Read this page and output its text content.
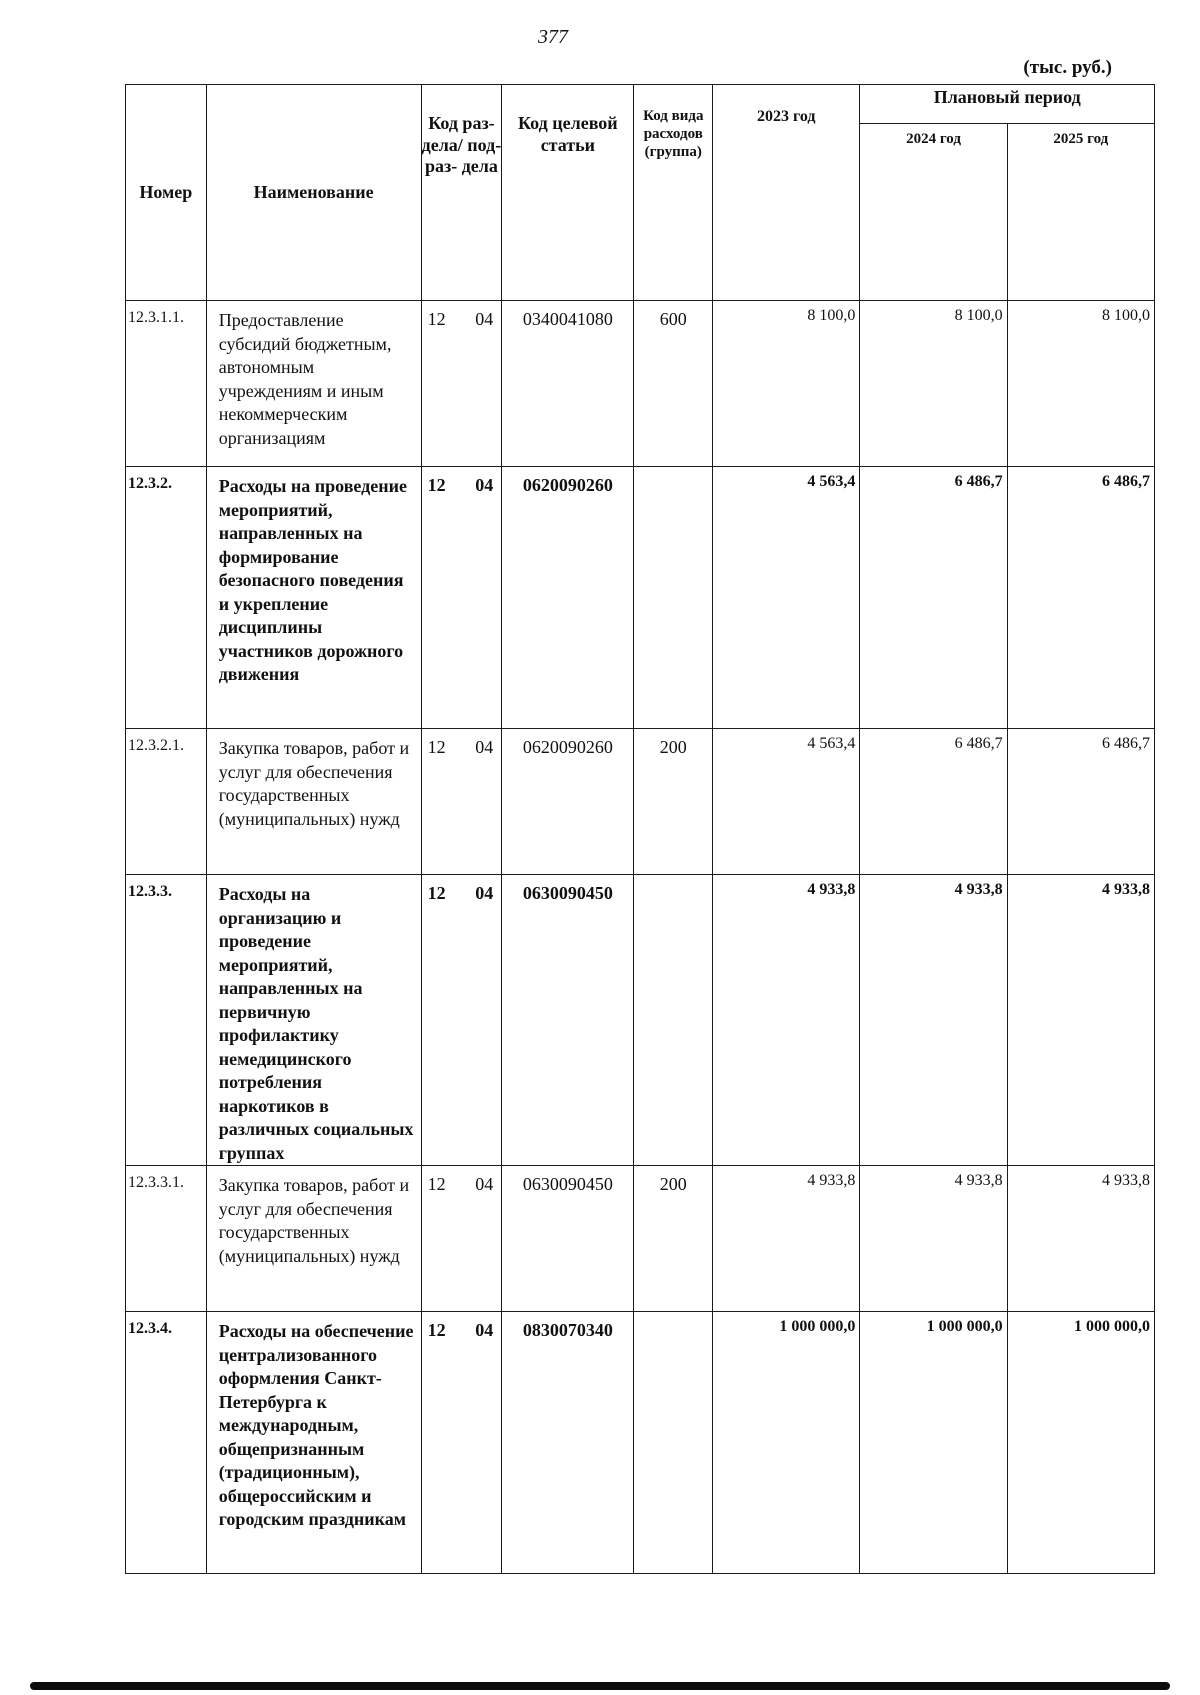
377
(тыс. руб.)
Номер	Наименование	Код раз- дела/ под- раз- дела	Код целевой статьи	Код вида расходов (группа)	2023 год	Плановый период	
						2024 год	2025 год
12.3.1.1.	Предоставление субсидий бюджетным, автономным учреждениям и иным некоммерческим организациям	12 04	0340041080	600	8 100,0	8 100,0	8 100,0
12.3.2.	Расходы на проведение мероприятий, направленных на формирование безопасного поведения и укрепление дисциплины участников дорожного движения	12 04	0620090260		4 563,4	6 486,7	6 486,7
12.3.2.1.	Закупка товаров, работ и услуг для обеспечения государственных (муниципальных) нужд	12 04	0620090260	200	4 563,4	6 486,7	6 486,7
12.3.3.	Расходы на организацию и проведение мероприятий, направленных на первичную профилактику немедицинского потребления наркотиков в различных социальных группах	12 04	0630090450		4 933,8	4 933,8	4 933,8
12.3.3.1.	Закупка товаров, работ и услуг для обеспечения государственных (муниципальных) нужд	12 04	0630090450	200	4 933,8	4 933,8	4 933,8
12.3.4.	Расходы на обеспечение централизованного оформления Санкт-Петербурга к международным, общепризнанным (традиционным), общероссийским и городским праздникам	12 04	0830070340		1 000 000,0	1 000 000,0	1 000 000,0
